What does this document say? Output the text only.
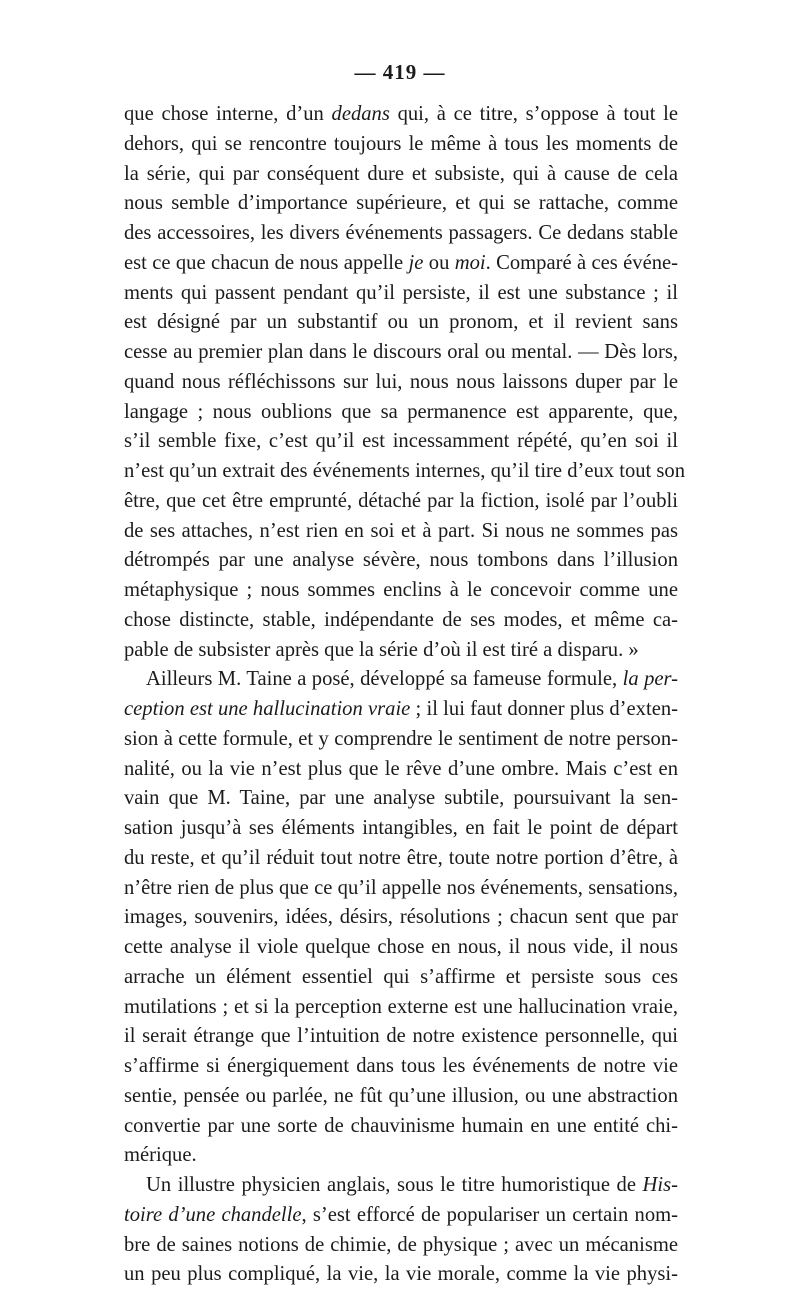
— 419 —
que chose interne, d’un dedans qui, à ce titre, s’oppose à tout le
dehors, qui se rencontre toujours le même à tous les moments de
la série, qui par conséquent dure et subsiste, qui à cause de cela
nous semble d’importance supérieure, et qui se rattache, comme
des accessoires, les divers événements passagers. Ce dedans stable
est ce que chacun de nous appelle je ou moi. Comparé à ces événe-
ments qui passent pendant qu’il persiste, il est une substance ; il
est désigné par un substantif ou un pronom, et il revient sans
cesse au premier plan dans le discours oral ou mental. — Dès lors,
quand nous réfléchissons sur lui, nous nous laissons duper par le
langage ; nous oublions que sa permanence est apparente, que,
s’il semble fixe, c’est qu’il est incessamment répété, qu’en soi il
n’est qu’un extrait des événements internes, qu’il tire d’eux tout son
être, que cet être emprunté, détaché par la fiction, isolé par l’oubli
de ses attaches, n’est rien en soi et à part. Si nous ne sommes pas
détrompés par une analyse sévère, nous tombons dans l’illusion
métaphysique ; nous sommes enclins à le concevoir comme une
chose distincte, stable, indépendante de ses modes, et même ca-
pable de subsister après que la série d’où il est tiré a disparu. »
Ailleurs M. Taine a posé, développé sa fameuse formule, la per-
ception est une hallucination vraie ; il lui faut donner plus d’exten-
sion à cette formule, et y comprendre le sentiment de notre person-
nalité, ou la vie n’est plus que le rêve d’une ombre. Mais c’est en
vain que M. Taine, par une analyse subtile, poursuivant la sen-
sation jusqu’à ses éléments intangibles, en fait le point de départ
du reste, et qu’il réduit tout notre être, toute notre portion d’être, à
n’être rien de plus que ce qu’il appelle nos événements, sensations,
images, souvenirs, idées, désirs, résolutions ; chacun sent que par
cette analyse il viole quelque chose en nous, il nous vide, il nous
arrache un élément essentiel qui s’affirme et persiste sous ces
mutilations ; et si la perception externe est une hallucination vraie,
il serait étrange que l’intuition de notre existence personnelle, qui
s’affirme si énergiquement dans tous les événements de notre vie
sentie, pensée ou parlée, ne fût qu’une illusion, ou une abstraction
convertie par une sorte de chauvinisme humain en une entité chi-
mérique.
Un illustre physicien anglais, sous le titre humoristique de His-
toire d’une chandelle, s’est efforcé de populariser un certain nom-
bre de saines notions de chimie, de physique ; avec un mécanisme
un peu plus compliqué, la vie, la vie morale, comme la vie physi-
